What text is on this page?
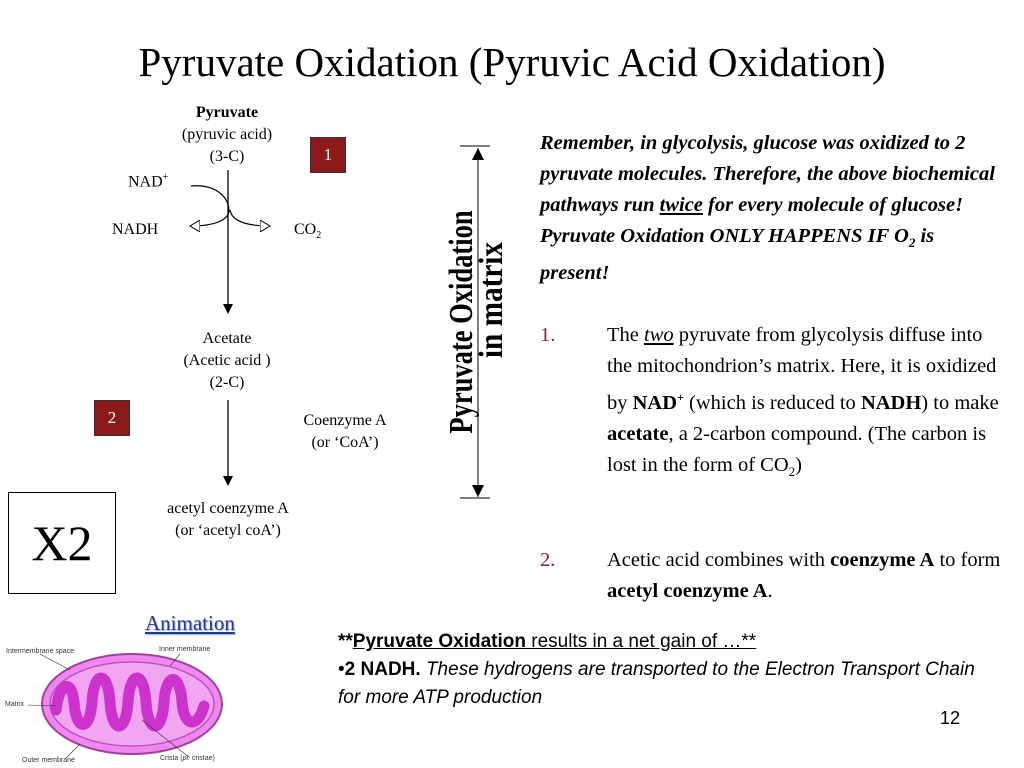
Pyruvate Oxidation (Pyruvic Acid Oxidation)
Pyruvate
(pyruvic acid)
(3-C)	1
NAD+
NADH	$CO_2$
Acetate
(Acetic acid )
(2-C)
2	Coenzyme A
(or ‘CoA’)
acetyl coenzyme A
(or ‘acetyl coA’)
X2
Pyruvate Oxidation
in matrix
Remember, in glycolysis, glucose was oxidized to 2 pyruvate molecules. Therefore, the above biochemical pathways run twice for every molecule of glucose! Pyruvate Oxidation ONLY HAPPENS IF $O_2$ is present!
1.	The two pyruvate from glycolysis diffuse into the mitochondrion’s matrix. Here, it is oxidized by NAD+ (which is reduced to NADH) to make acetate, a 2-carbon compound. (The carbon is lost in the form of $CO_2$)
2.	Acetic acid combines with coenzyme A to form acetyl coenzyme A.
Animation
Intermembrane space	Inner membrane
Matrix
Outer membrane	Crista (pl. cristae)
**Pyruvate Oxidation results in a net gain of …**
•2 NADH. These hydrogens are transported to the Electron Transport Chain for more ATP production
12
